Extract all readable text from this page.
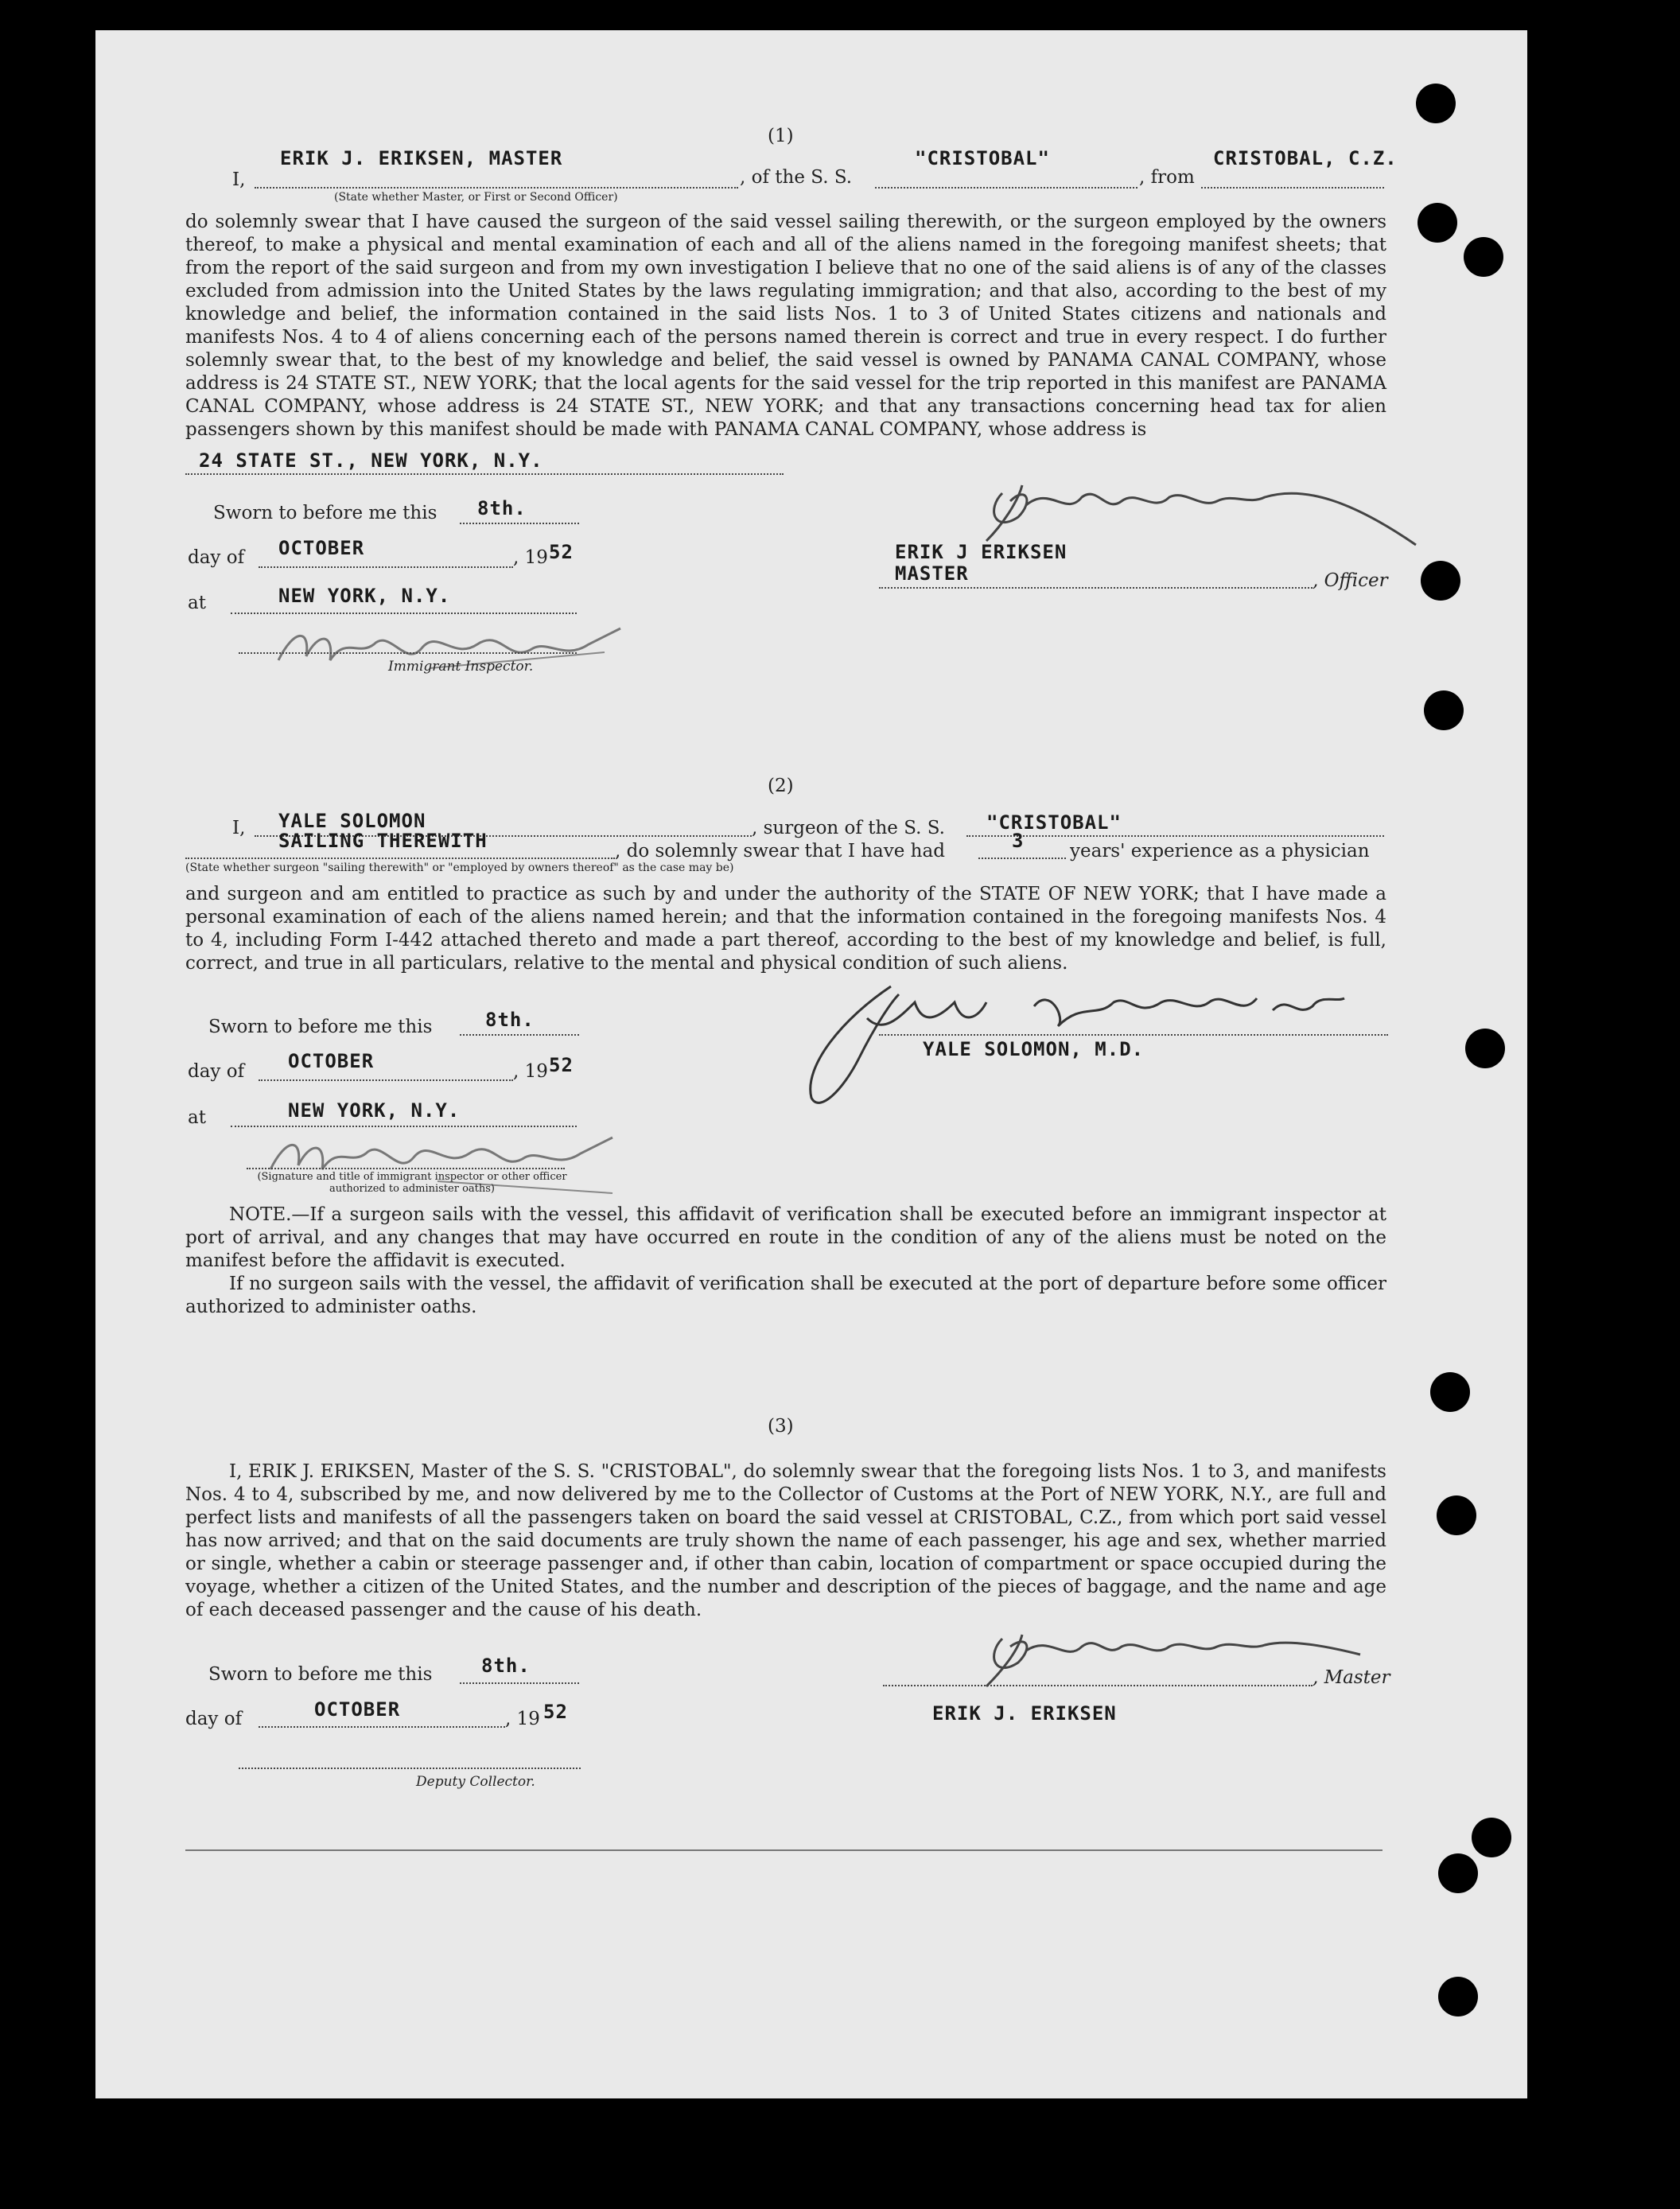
(1)
I,
ERIK J. ERIKSEN, MASTER
, of the S. S.
"CRISTOBAL"
, from
CRISTOBAL, C.Z.
(State whether Master, or First or Second Officer)
do solemnly swear that I have caused the surgeon of the said vessel sailing therewith, or the surgeon employed by the owners thereof, to make a physical and mental examination of each and all of the aliens named in the foregoing manifest sheets; that from the report of the said surgeon and from my own investigation I believe that no one of the said aliens is of any of the classes excluded from admission into the United States by the laws regulating immigration; and that also, according to the best of my knowledge and belief, the information contained in the said lists Nos. 1 to 3 of United States citizens and nationals and manifests Nos. 4 to 4 of aliens concerning each of the persons named therein is correct and true in every respect. I do further solemnly swear that, to the best of my knowledge and belief, the said vessel is owned by PANAMA CANAL COMPANY, whose address is 24 STATE ST., NEW YORK; that the local agents for the said vessel for the trip reported in this manifest are PANAMA CANAL COMPANY, whose address is 24 STATE ST., NEW YORK; and that any transactions concerning head tax for alien passengers shown by this manifest should be made with PANAMA CANAL COMPANY, whose address is
24 STATE ST., NEW YORK, N.Y.
Sworn to before me this 8th.
day of OCTOBER	, 19 52
at	NEW YORK, N.Y.
Immigrant Inspector.
ERIK J ERIKSEN
MASTER	, Officer
(2)
I, YALE SOLOMON	, surgeon of the S. S. "CRISTOBAL"
SAILING THEREWITH	, do solemnly swear that I have had	3	years' experience as a physician
(State whether surgeon "sailing therewith" or "employed by owners thereof" as the case may be)
and surgeon and am entitled to practice as such by and under the authority of the STATE OF NEW YORK; that I have made a personal examination of each of the aliens named herein; and that the information contained in the foregoing manifests Nos. 4 to 4, including Form I-442 attached thereto and made a part thereof, according to the best of my knowledge and belief, is full, correct, and true in all particulars, relative to the mental and physical condition of such aliens.
Sworn to before me this	8th.
day of OCTOBER	, 19 52
at	NEW YORK, N.Y.
(Signature and title of immigrant inspector or other officer authorized to administer oaths)
YALE SOLOMON, M.D.
NOTE.—If a surgeon sails with the vessel, this affidavit of verification shall be executed before an immigrant inspector at port of arrival, and any changes that may have occurred en route in the condition of any of the aliens must be noted on the manifest before the affidavit is executed.
If no surgeon sails with the vessel, the affidavit of verification shall be executed at the port of departure before some officer authorized to administer oaths.
(3)
I, ERIK J. ERIKSEN, Master of the S. S. "CRISTOBAL", do solemnly swear that the foregoing lists Nos. 1 to 3, and manifests Nos. 4 to 4, subscribed by me, and now delivered by me to the Collector of Customs at the Port of NEW YORK, N.Y., are full and perfect lists and manifests of all the passengers taken on board the said vessel at CRISTOBAL, C.Z., from which port said vessel has now arrived; and that on the said documents are truly shown the name of each passenger, his age and sex, whether married or single, whether a cabin or steerage passenger and, if other than cabin, location of compartment or space occupied during the voyage, whether a citizen of the United States, and the number and description of the pieces of baggage, and the name and age of each deceased passenger and the cause of his death.
Sworn to before me this	8th.
day of	OCTOBER	, 19 52
Deputy Collector.
, Master
ERIK J. ERIKSEN
